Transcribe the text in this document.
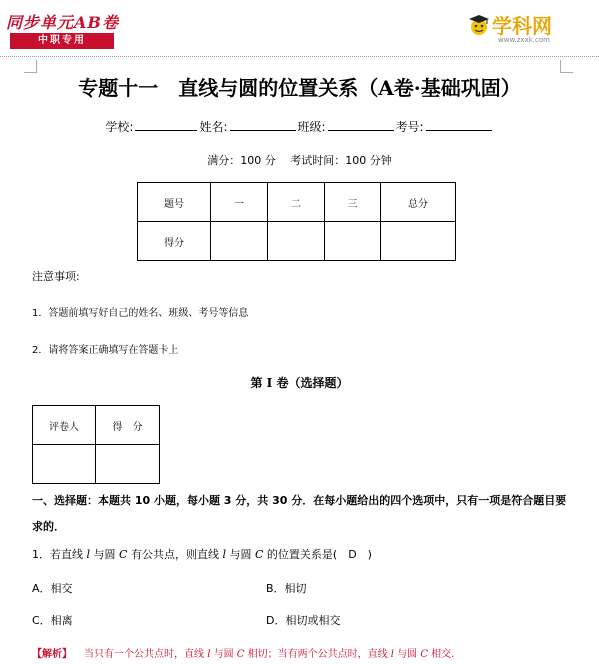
同步单元AB卷
中职专用
学科网
www.zxxk.com
专题十一　直线与圆的位置关系（A卷·基础巩固）
学校:	姓名:	班级:	考号:
满分：100 分　 考试时间：100 分钟
题号	一	二	三	总分
得分				
注意事项:
1．答题前填写好自己的姓名、班级、考号等信息
2．请将答案正确填写在答题卡上
第 I 卷（选择题）
评卷人	得　分

一、选择题：本题共 10 小题，每小题 3 分，共 30 分．在每小题给出的四个选项中，只有一项是符合题目要求的．
1．若直线 l 与圆 C 有公共点，则直线 l 与圆 C 的位置关系是(　D　)
A．相交	B．相切
C．相离	D．相切或相交
【解析】 当只有一个公共点时，直线 l 与圆 C 相切；当有两个公共点时，直线 l 与圆 C 相交．
